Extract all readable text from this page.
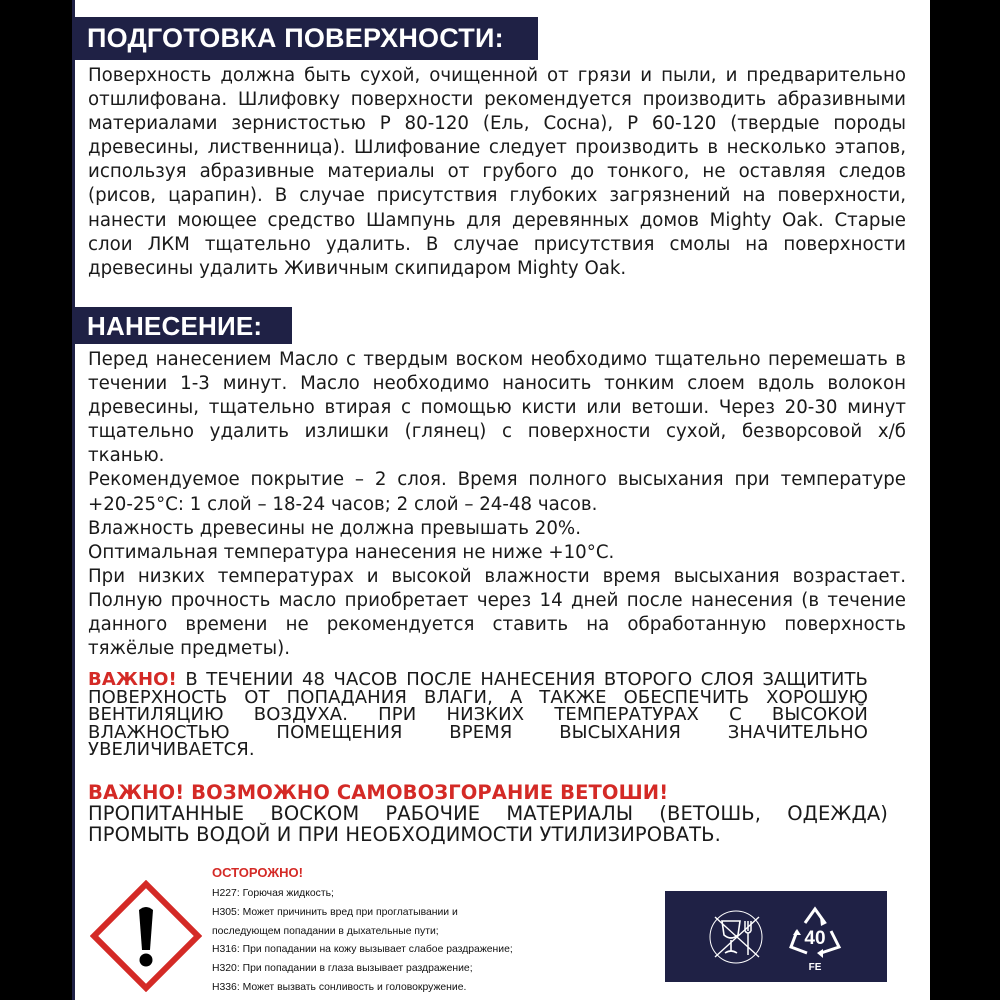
ПОДГОТОВКА ПОВЕРХНОСТИ:

Поверхность должна быть сухой, очищенной от грязи и пыли, и предварительно отшлифована. Шлифовку поверхности рекомендуется производить абразивными материалами зернистостью Р 80-120 (Ель, Сосна), Р 60-120 (твердые породы древесины, лиственница). Шлифование следует производить в несколько этапов, используя абразивные материалы от грубого до тонкого, не оставляя следов (рисов, царапин). В случае присутствия глубоких загрязнений на поверхности, нанести моющее средство Шампунь для деревянных домов Mighty Oak. Старые слои ЛКМ тщательно удалить. В случае присутствия смолы на поверхности древесины удалить Живичным скипидаром Mighty Oak.

НАНЕСЕНИЕ:
Перед нанесением Масло с твердым воском необходимо тщательно перемешать в течении 1-3 минут. Масло необходимо наносить тонким слоем вдоль волокон древесины, тщательно втирая с помощью кисти или ветоши. Через 20-30 минут тщательно удалить излишки (глянец) с поверхности сухой, безворсовой х/б тканью.
Рекомендуемое покрытие – 2 слоя. Время полного высыхания при температуре +20-25°С: 1 слой – 18-24 часов; 2 слой – 24-48 часов.
Влажность древесины не должна превышать 20%.
Оптимальная температура нанесения не ниже +10°С.
При низких температурах и высокой влажности время высыхания возрастает. Полную прочность масло приобретает через 14 дней после нанесения (в течение данного времени не рекомендуется ставить на обработанную поверхность тяжёлые предметы).
ВАЖНО! В ТЕЧЕНИИ 48 ЧАСОВ ПОСЛЕ НАНЕСЕНИЯ ВТОРОГО СЛОЯ ЗАЩИТИТЬ ПОВЕРХНОСТЬ ОТ ПОПАДАНИЯ ВЛАГИ, А ТАКЖЕ ОБЕСПЕЧИТЬ ХОРОШУЮ ВЕНТИЛЯЦИЮ ВОЗДУХА. ПРИ НИЗКИХ ТЕМПЕРАТУРАХ С ВЫСОКОЙ ВЛАЖНОСТЬЮ ПОМЕЩЕНИЯ ВРЕМЯ ВЫСЫХАНИЯ ЗНАЧИТЕЛЬНО УВЕЛИЧИВАЕТСЯ.
ВАЖНО! ВОЗМОЖНО САМОВОЗГОРАНИЕ ВЕТОШИ!
ПРОПИТАННЫЕ ВОСКОМ РАБОЧИЕ МАТЕРИАЛЫ (ВЕТОШЬ, ОДЕЖДА) ПРОМЫТЬ ВОДОЙ И ПРИ НЕОБХОДИМОСТИ УТИЛИЗИРОВАТЬ.
ОСТОРОЖНО!
H227: Горючая жидкость;
H305: Может причинить вред при проглатывании и
последующем попадании в дыхательные пути;
H316: При попадании на кожу вызывает слабое раздражение;
H320: При попадании в глаза вызывает раздражение;
H336: Может вызвать сонливость и головокружение.
40
FE
